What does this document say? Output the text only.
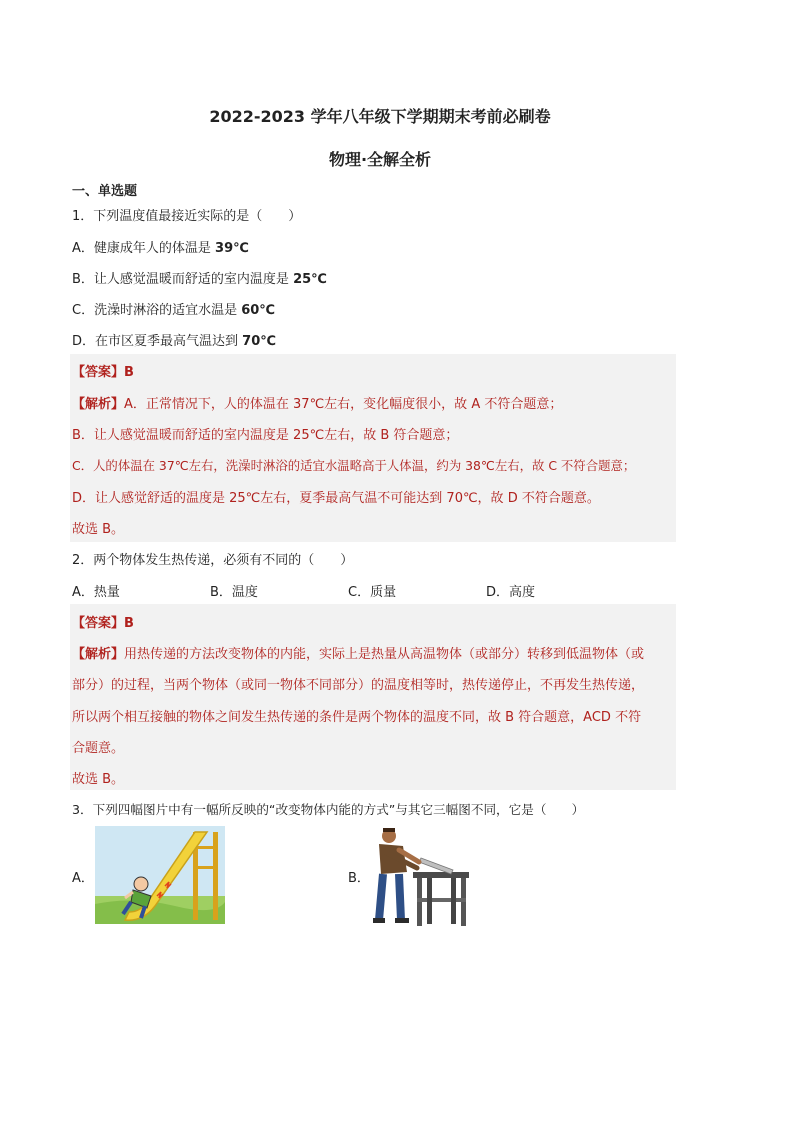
2022-2023 学年八年级下学期期末考前必刷卷
物理·全解全析
一、单选题
1．下列温度值最接近实际的是（　　）
A．健康成年人的体温是 39℃
B．让人感觉温暖而舒适的室内温度是 25℃
C．洗澡时淋浴的适宜水温是 60℃
D．在市区夏季最高气温达到 70℃
【答案】B
【解析】A．正常情况下，人的体温在 37℃左右，变化幅度很小，故 A 不符合题意；
B．让人感觉温暖而舒适的室内温度是 25℃左右，故 B 符合题意；
C．人的体温在 37℃左右，洗澡时淋浴的适宜水温略高于人体温，约为 38℃左右，故 C 不符合题意；
D．让人感觉舒适的温度是 25℃左右，夏季最高气温不可能达到 70℃，故 D 不符合题意。
故选 B。
2．两个物体发生热传递，必须有不同的（　　）
A．热量	B．温度	C．质量	D．高度
【答案】B
【解析】用热传递的方法改变物体的内能，实际上是热量从高温物体（或部分）转移到低温物体（或
部分）的过程，当两个物体（或同一物体不同部分）的温度相等时，热传递停止，不再发生热传递，
所以两个相互接触的物体之间发生热传递的条件是两个物体的温度不同，故 B 符合题意，ACD 不符
合题意。
故选 B。
3．下列四幅图片中有一幅所反映的“改变物体内能的方式”与其它三幅图不同，它是（　　）
A．	B．
